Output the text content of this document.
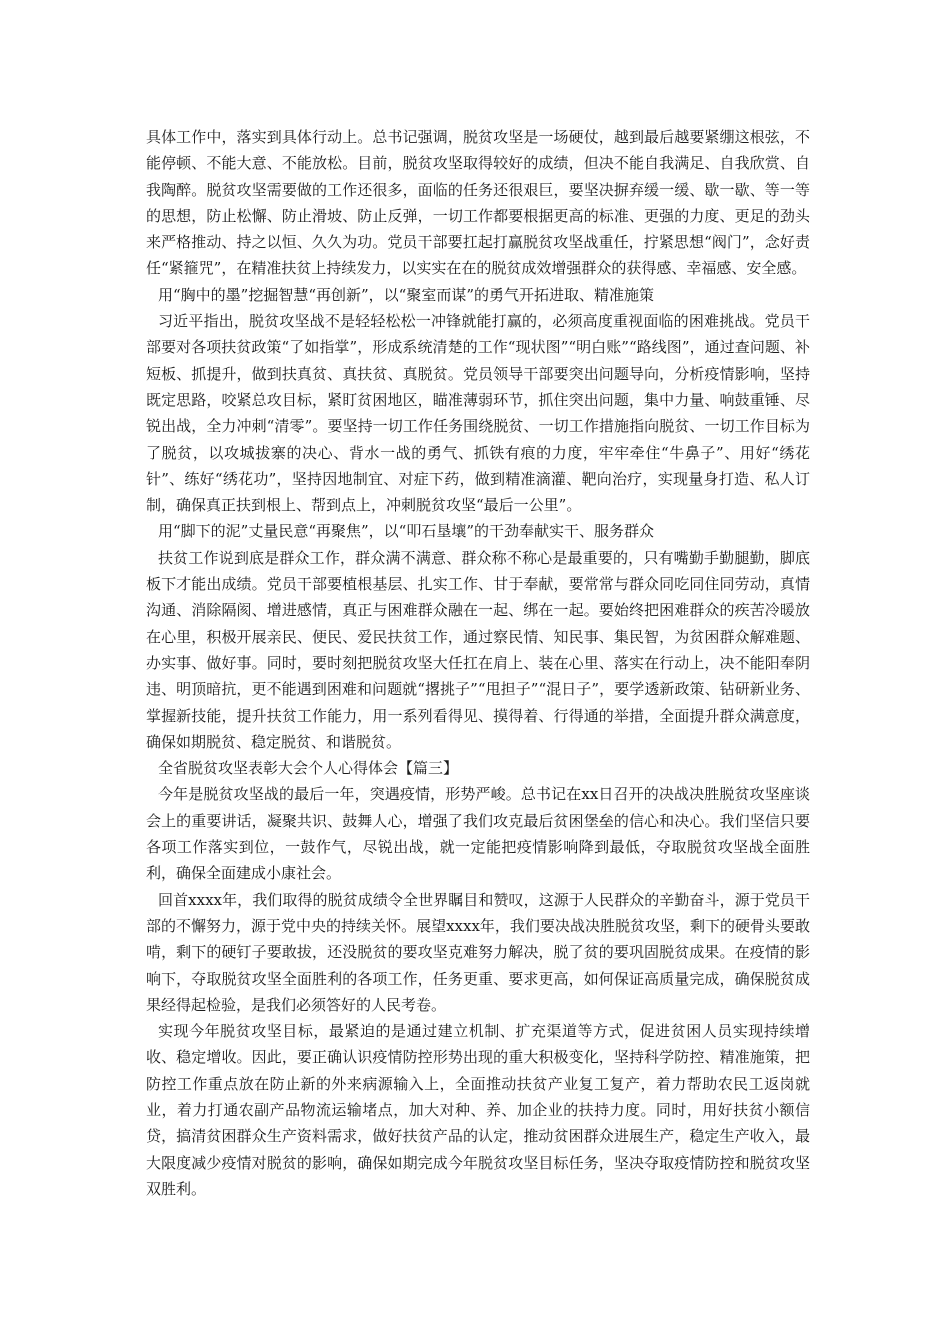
具体工作中，落实到具体行动上。总书记强调，脱贫攻坚是一场硬仗，越到最后越要紧绷这根弦，不能停顿、不能大意、不能放松。目前，脱贫攻坚取得较好的成绩，但决不能自我满足、自我欣赏、自我陶醉。脱贫攻坚需要做的工作还很多，面临的任务还很艰巨，要坚决摒弃缓一缓、歇一歇、等一等的思想，防止松懈、防止滑坡、防止反弹，一切工作都要根据更高的标准、更强的力度、更足的劲头来严格推动、持之以恒、久久为功。党员干部要扛起打赢脱贫攻坚战重任，拧紧思想“阀门”，念好责任“紧箍咒”，在精准扶贫上持续发力，以实实在在的脱贫成效增强群众的获得感、幸福感、安全感。

用“胸中的墨”挖掘智慧“再创新”，以“聚室而谋”的勇气开拓进取、精准施策

习近平指出，脱贫攻坚战不是轻轻松松一冲锋就能打赢的，必须高度重视面临的困难挑战。党员干部要对各项扶贫政策“了如指掌”，形成系统清楚的工作“现状图”“明白账”“路线图”，通过查问题、补短板、抓提升，做到扶真贫、真扶贫、真脱贫。党员领导干部要突出问题导向，分析疫情影响，坚持既定思路，咬紧总攻目标，紧盯贫困地区，瞄准薄弱环节，抓住突出问题，集中力量、响鼓重锤、尽锐出战，全力冲刺“清零”。要坚持一切工作任务围绕脱贫、一切工作措施指向脱贫、一切工作目标为了脱贫，以攻城拔寨的决心、背水一战的勇气、抓铁有痕的力度，牢牢牵住“牛鼻子”、用好“绣花针”、练好“绣花功”，坚持因地制宜、对症下药，做到精准滴灌、靶向治疗，实现量身打造、私人订制，确保真正扶到根上、帮到点上，冲刺脱贫攻坚“最后一公里”。

用“脚下的泥”丈量民意“再聚焦”，以“叩石垦壤”的干劲奉献实干、服务群众

扶贫工作说到底是群众工作，群众满不满意、群众称不称心是最重要的，只有嘴勤手勤腿勤，脚底板下才能出成绩。党员干部要植根基层、扎实工作、甘于奉献，要常常与群众同吃同住同劳动，真情沟通、消除隔阂、增进感情，真正与困难群众融在一起、绑在一起。要始终把困难群众的疾苦冷暖放在心里，积极开展亲民、便民、爱民扶贫工作，通过察民情、知民事、集民智，为贫困群众解难题、办实事、做好事。同时，要时刻把脱贫攻坚大任扛在肩上、装在心里、落实在行动上，决不能阳奉阴违、明顶暗抗，更不能遇到困难和问题就“撂挑子”“甩担子”“混日子”，要学透新政策、钻研新业务、掌握新技能，提升扶贫工作能力，用一系列看得见、摸得着、行得通的举措，全面提升群众满意度，确保如期脱贫、稳定脱贫、和谐脱贫。

全省脱贫攻坚表彰大会个人心得体会【篇三】

今年是脱贫攻坚战的最后一年，突遇疫情，形势严峻。总书记在xx日召开的决战决胜脱贫攻坚座谈会上的重要讲话，凝聚共识、鼓舞人心，增强了我们攻克最后贫困堡垒的信心和决心。我们坚信只要各项工作落实到位，一鼓作气，尽锐出战，就一定能把疫情影响降到最低，夺取脱贫攻坚战全面胜利，确保全面建成小康社会。

回首xxxx年，我们取得的脱贫成绩令全世界瞩目和赞叹，这源于人民群众的辛勤奋斗，源于党员干部的不懈努力，源于党中央的持续关怀。展望xxxx年，我们要决战决胜脱贫攻坚，剩下的硬骨头要敢啃，剩下的硬钉子要敢拔，还没脱贫的要攻坚克难努力解决，脱了贫的要巩固脱贫成果。在疫情的影响下，夺取脱贫攻坚全面胜利的各项工作，任务更重、要求更高，如何保证高质量完成，确保脱贫成果经得起检验，是我们必须答好的人民考卷。

实现今年脱贫攻坚目标，最紧迫的是通过建立机制、扩充渠道等方式，促进贫困人员实现持续增收、稳定增收。因此，要正确认识疫情防控形势出现的重大积极变化，坚持科学防控、精准施策，把防控工作重点放在防止新的外来病源输入上，全面推动扶贫产业复工复产，着力帮助农民工返岗就业，着力打通农副产品物流运输堵点，加大对种、养、加企业的扶持力度。同时，用好扶贫小额信贷，搞清贫困群众生产资料需求，做好扶贫产品的认定，推动贫困群众进展生产，稳定生产收入，最大限度减少疫情对脱贫的影响，确保如期完成今年脱贫攻坚目标任务，坚决夺取疫情防控和脱贫攻坚双胜利。
